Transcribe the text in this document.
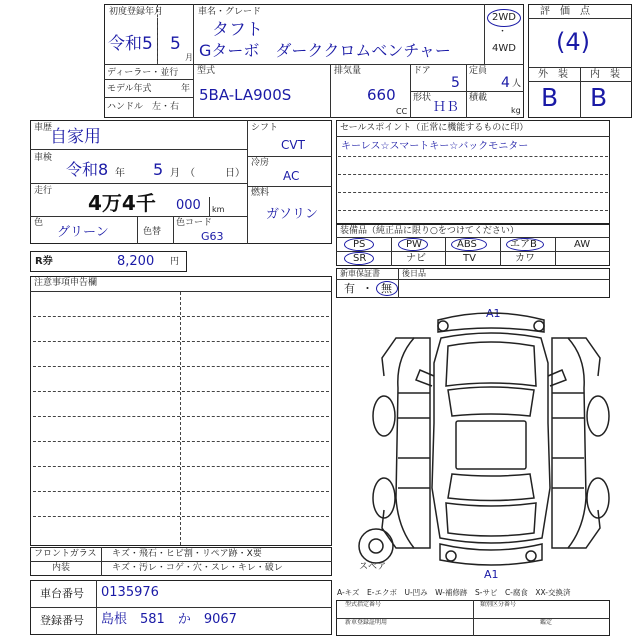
初度登録年月
令和5 5
月
車名・グレード
タフト
Gターボ　ダーククロムベンチャー
2WD
・
4WD
ディーラー・並行
モデル年式	年
ハンドル　左・右
型式
5BA-LA900S
排気量
660
CC
ドア
5
定員
4 人
形状
ＨＢ
積載
kg
評　価　点
(4)
外　装 内　装
B B
車歴
自家用
車検
令和8 年 5 月 （　　　日）
走行 4万4千 000 km
色
グリーン	色替
色コード
G63
シフト
CVT
冷房
AC
燃料
ガソリン
R券	8,200 円
セールスポイント（正常に機能するものに印）
キーレス☆スマートキー☆バックモニター
装備品（純正品に限り○をつけてください）
PS	PW	ABS	エアB	AW
SR	ナビ	TV	カワ
新車保証書	後日品
有 ・ 無
注意事項申告欄
A1
A1
スペア
フロントガラス キズ・飛石・ヒビ割・リペア跡・X要
内装	キズ・汚レ・コゲ・穴・スレ・キレ・破レ
車台番号 0135976
登録番号 島根　581　か　9067
A-キズ　E-エクボ　U-凹み　W-補修跡　S-サビ　C-腐食　XX-交換済
型式指定番号	類別区分番号
新車登録証明用	鑑定
